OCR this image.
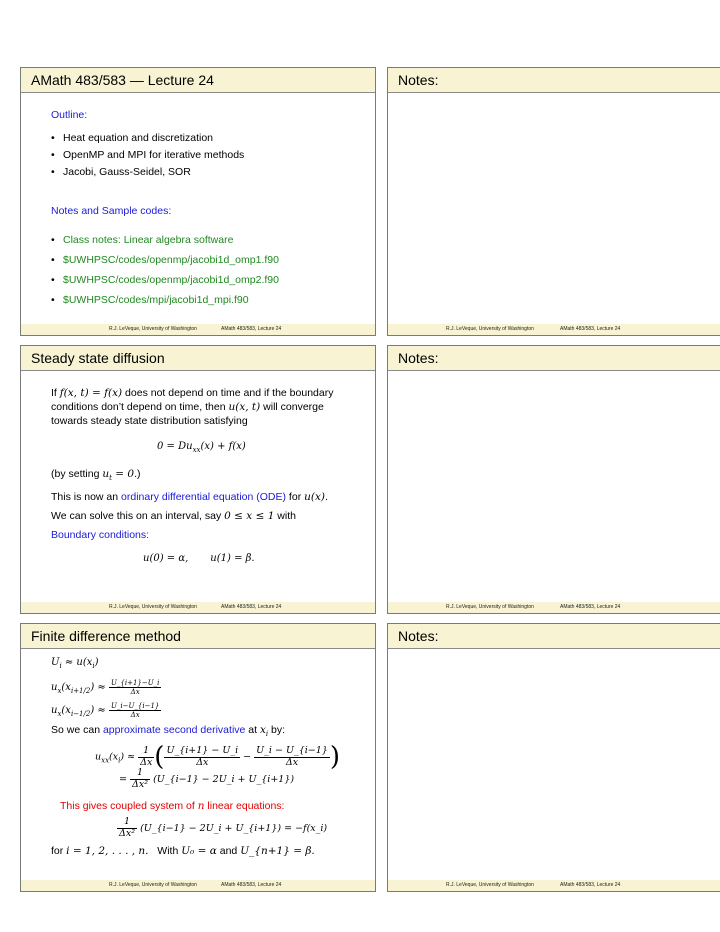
AMath 483/583 — Lecture 24
Outline:
• Heat equation and discretization
• OpenMP and MPI for iterative methods
• Jacobi, Gauss-Seidel, SOR
Notes and Sample codes:
• Class notes: Linear algebra software
• $UWHPSC/codes/openmp/jacobi1d_omp1.f90
• $UWHPSC/codes/openmp/jacobi1d_omp2.f90
• $UWHPSC/codes/mpi/jacobi1d_mpi.f90
R.J. LeVeque, University of Washington	AMath 483/583, Lecture 24
Notes:
R.J. LeVeque, University of Washington	AMath 483/583, Lecture 24
Steady state diffusion
If f(x, t) = f(x) does not depend on time and if the boundary
conditions don’t depend on time, then u(x, t) will converge
towards steady state distribution satisfying
$0 = Du_{xx}(x) + f(x)$
(by setting $u_t = 0$.)
This is now an ordinary differential equation (ODE) for u(x).
We can solve this on an interval, say 0 ≤ x ≤ 1 with
Boundary conditions:
u(0) = α, u(1) = β.
R.J. LeVeque, University of Washington	AMath 483/583, Lecture 24
Notes:
R.J. LeVeque, University of Washington	AMath 483/583, Lecture 24
Finite difference method
$U_i \approx u(x_i)$
$u_x(x_{i+1/2}) \approx \frac{U\_\{i+1\}-U\_i}{\Delta x}$
$u_x(x_{i-1/2}) \approx \frac{U\_i-U\_\{i-1\}}{\Delta x}$
So we can approximate second derivative at $x_i$ by:
$u_{xx}(x_i) \approx \frac{1}{\Delta x}$ ( $\frac{U\_\{i+1\} - U\_i}{\Delta x} - \frac{U\_i - U\_\{i-1\}}{\Delta x}$ )
= $\frac{1}{\text{Δx²}}$ (U_{i−1} − 2U_i + U_{i+1})
This gives coupled system of n linear equations:
$\frac{1}{\text{Δx²}}$ (U_{i−1} − 2U_i + U_{i+1}) = −f(x_i)
for i = 1, 2, . . . , n.   With U₀ = α and U_{n+1} = β.
R.J. LeVeque, University of Washington	AMath 483/583, Lecture 24
Notes:
R.J. LeVeque, University of Washington	AMath 483/583, Lecture 24
